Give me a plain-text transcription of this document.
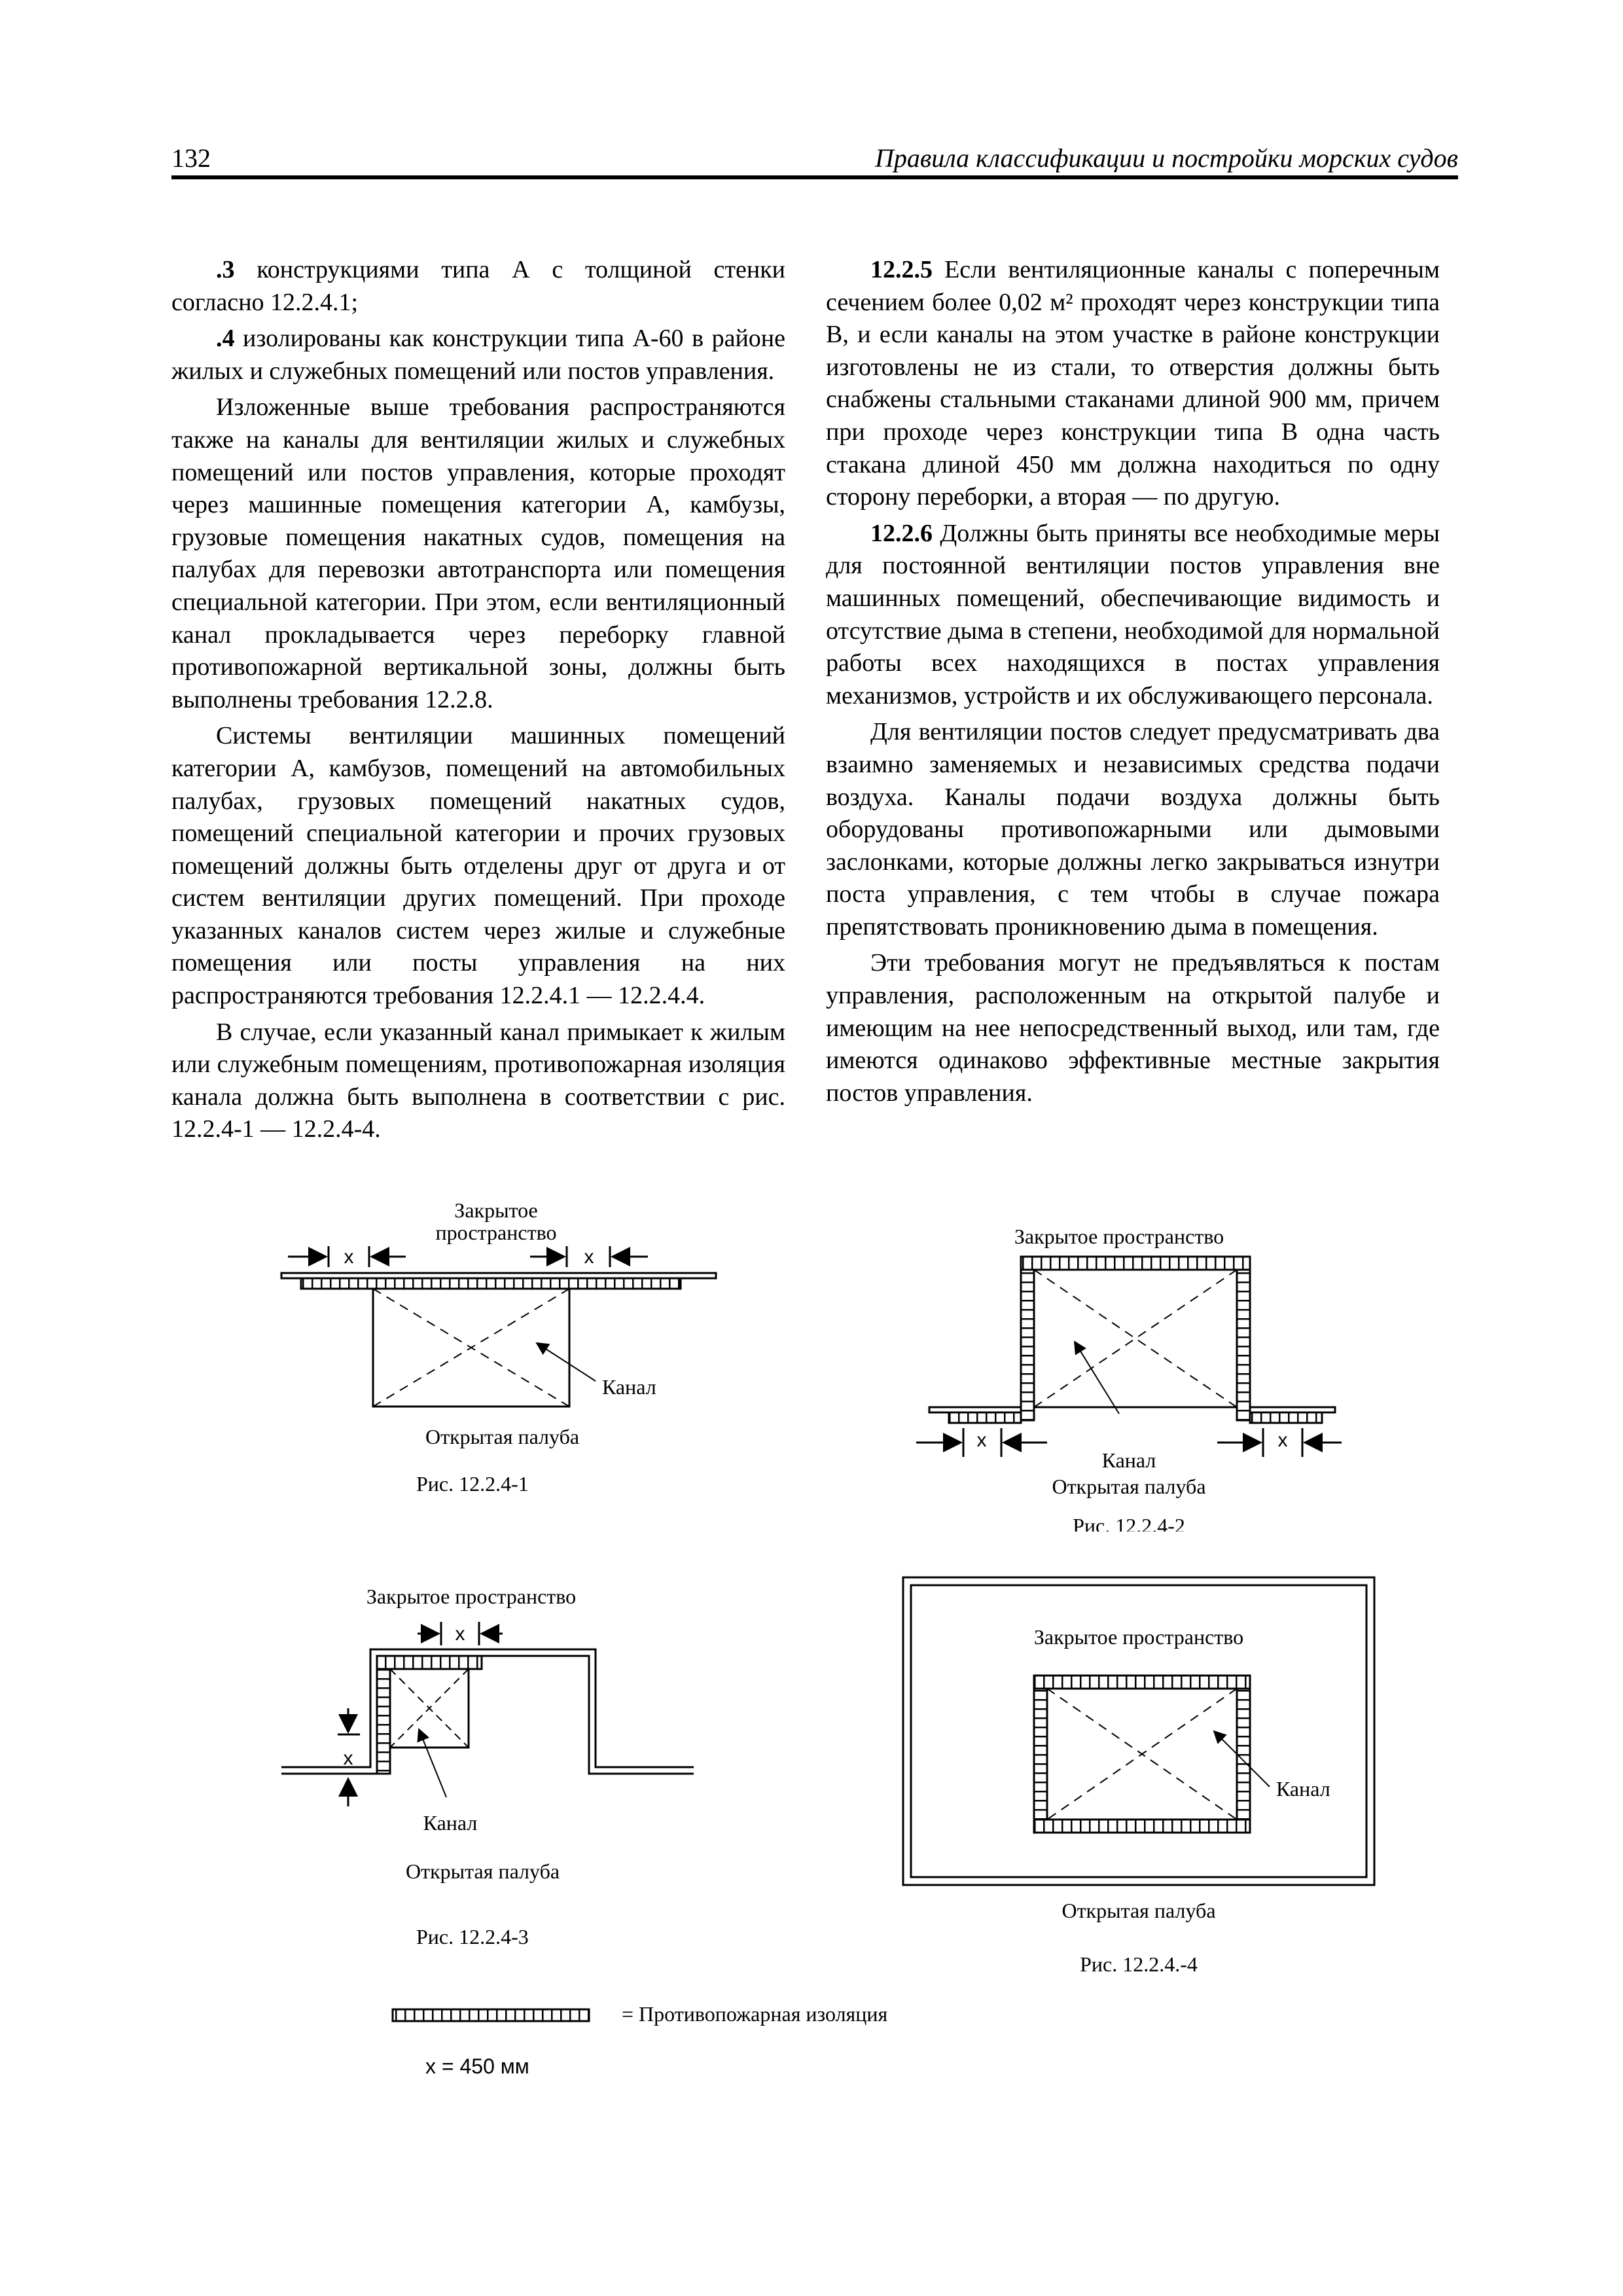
132	Правила классификации и постройки морских судов

.3 конструкциями типа А с толщиной стенки согласно 12.2.4.1;

.4 изолированы как конструкции типа А-60 в районе жилых и служебных помещений или постов управления.

Изложенные выше требования распространяются также на каналы для вентиляции жилых и служебных помещений или постов управления, которые проходят через машинные помещения категории А, камбузы, грузовые помещения накатных судов, помещения на палубах для перевозки автотранспорта или помещения специальной категории. При этом, если вентиляционный канал прокладывается через переборку главной противопожарной вертикальной зоны, должны быть выполнены требования 12.2.8.

Системы вентиляции машинных помещений категории А, камбузов, помещений на автомобильных палубах, грузовых помещений накатных судов, помещений специальной категории и прочих грузовых помещений должны быть отделены друг от друга и от систем вентиляции других помещений. При проходе указанных каналов систем через жилые и служебные помещения или посты управления на них распространяются требования 12.2.4.1 — 12.2.4.4.

В случае, если указанный канал примыкает к жилым или служебным помещениям, противопожарная изоляция канала должна быть выполнена в соответствии с рис. 12.2.4-1 — 12.2.4-4.

12.2.5 Если вентиляционные каналы с поперечным сечением более 0,02 м² проходят через конструкции типа В, и если каналы на этом участке в районе конструкции изготовлены не из стали, то отверстия должны быть снабжены стальными стаканами длиной 900 мм, причем при проходе через конструкции типа В одна часть стакана длиной 450 мм должна находиться по одну сторону переборки, а вторая — по другую.

12.2.6 Должны быть приняты все необходимые меры для постоянной вентиляции постов управления вне машинных помещений, обеспечивающие видимость и отсутствие дыма в степени, необходимой для нормальной работы всех находящихся в постах управления механизмов, устройств и их обслуживающего персонала.

Для вентиляции постов следует предусматривать два взаимно заменяемых и независимых средства подачи воздуха. Каналы подачи воздуха должны быть оборудованы противопожарными или дымовыми заслонками, которые должны легко закрываться изнутри поста управления, с тем чтобы в случае пожара препятствовать проникновению дыма в помещения.

Эти требования могут не предъявляться к постам управления, расположенным на открытой палубе и имеющим на нее непосредственный выход, или там, где имеются одинаково эффективные местные закрытия постов управления.

Закрытое
пространство
x	x
Канал
Открытая палуба
Рис. 12.2.4-1
Закрытое пространство
x	x
Канал
Открытая палуба
Рис. 12.2.4-2
Закрытое пространство
x
x
Канал
Открытая палуба
Рис. 12.2.4-3
Закрытое пространство
Канал
Открытая палуба
Рис. 12.2.4.-4
= Противопожарная изоляция
x = 450 мм
